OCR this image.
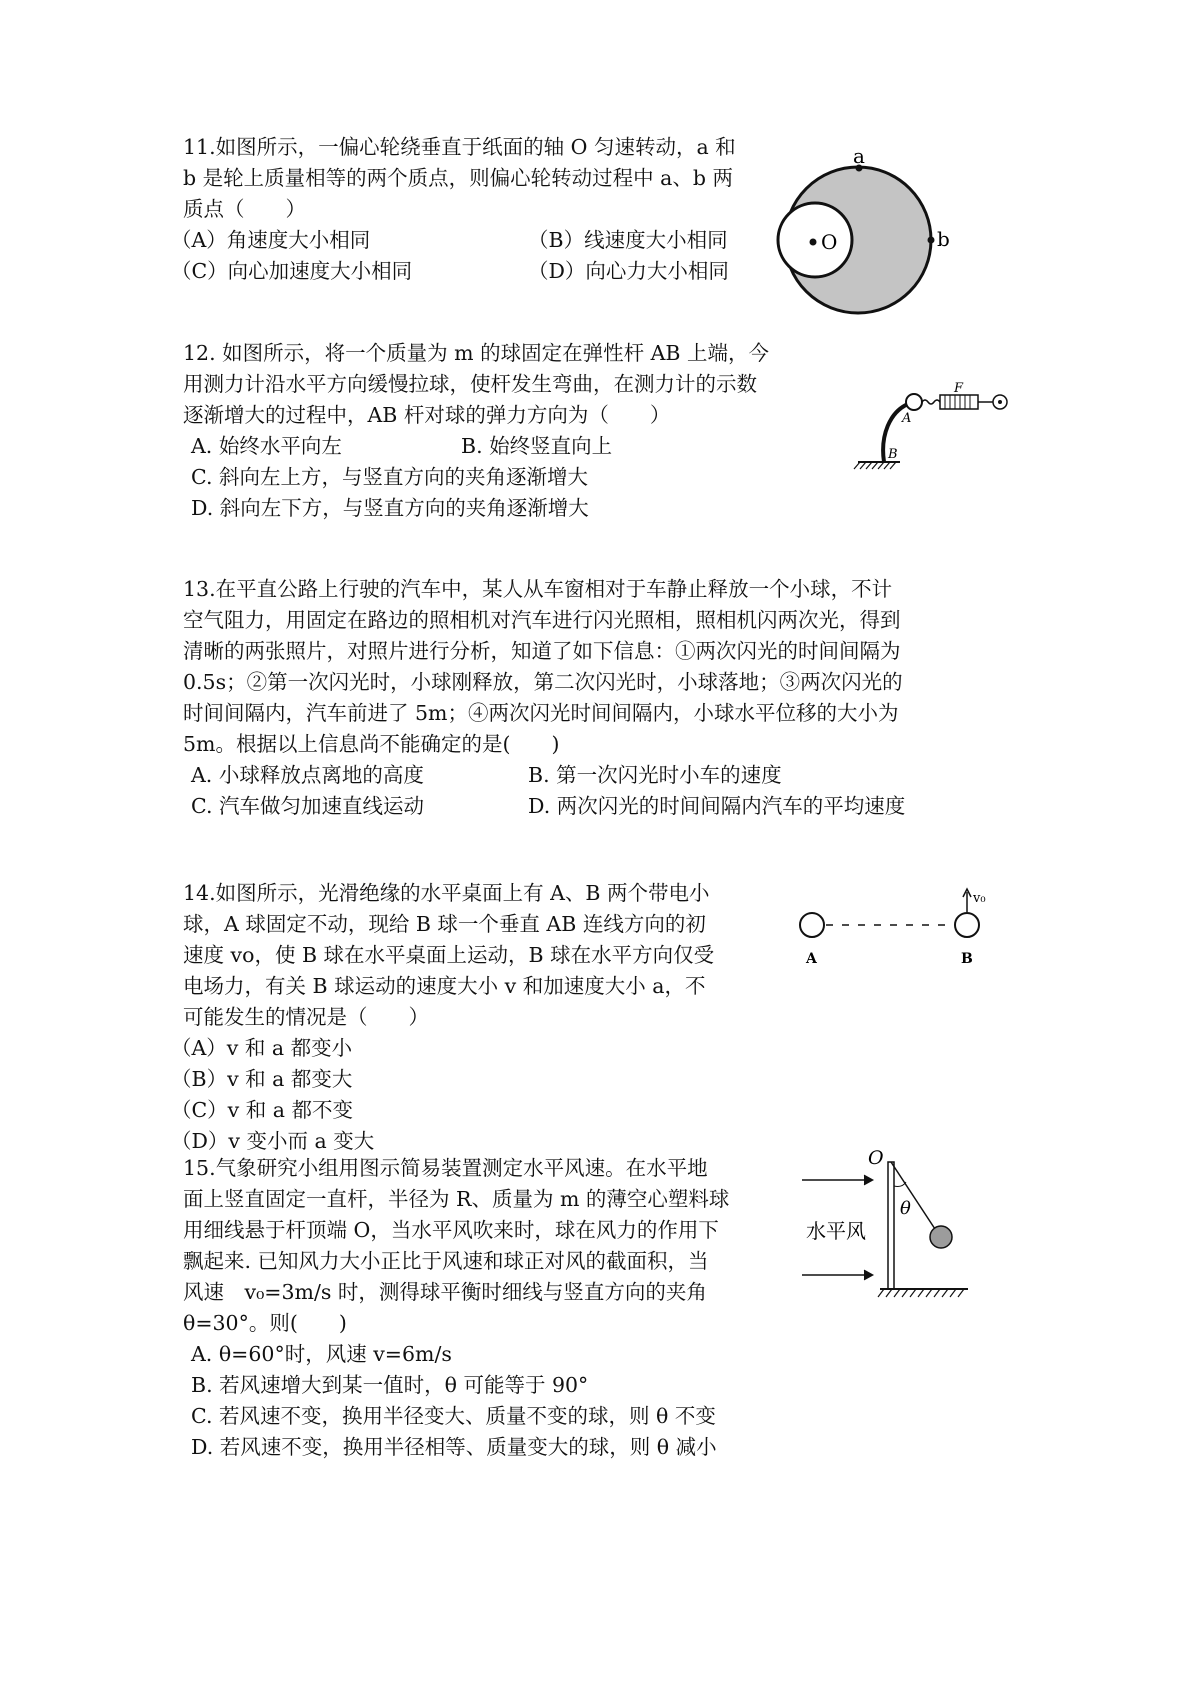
11.如图所示，一偏心轮绕垂直于纸面的轴 O 匀速转动，a 和
b 是轮上质量相等的两个质点，则偏心轮转动过程中 a、b 两
质点（　　）
（A）角速度大小相同	（B）线速度大小相同
（C）向心加速度大小相同	（D）向心力大小相同
O
a
b
12. 如图所示，将一个质量为 m 的球固定在弹性杆 AB 上端，今
用测力计沿水平方向缓慢拉球，使杆发生弯曲，在测力计的示数
逐渐增大的过程中，AB 杆对球的弹力方向为（　　）
A. 始终水平向左	B. 始终竖直向上
C. 斜向左上方，与竖直方向的夹角逐渐增大
D. 斜向左下方，与竖直方向的夹角逐渐增大
F
A
B
13.在平直公路上行驶的汽车中，某人从车窗相对于车静止释放一个小球，不计
空气阻力，用固定在路边的照相机对汽车进行闪光照相，照相机闪两次光，得到
清晰的两张照片，对照片进行分析，知道了如下信息：①两次闪光的时间间隔为
0.5s；②第一次闪光时，小球刚释放，第二次闪光时，小球落地；③两次闪光的
时间间隔内，汽车前进了 5m；④两次闪光时间间隔内，小球水平位移的大小为
5m。根据以上信息尚不能确定的是(　　)
A. 小球释放点离地的高度	B. 第一次闪光时小车的速度
C. 汽车做匀加速直线运动	D. 两次闪光的时间间隔内汽车的平均速度
14.如图所示，光滑绝缘的水平桌面上有 A、B 两个带电小
球，A 球固定不动，现给 B 球一个垂直 AB 连线方向的初
速度 vo，使 B 球在水平桌面上运动，B 球在水平方向仅受
电场力，有关 B 球运动的速度大小 v 和加速度大小 a，不
可能发生的情况是（　　）
（A）v 和 a 都变小
（B）v 和 a 都变大
（C）v 和 a 都不变
（D）v 变小而 a 变大
v₀
A	B
15.气象研究小组用图示简易装置测定水平风速。在水平地
面上竖直固定一直杆，半径为 R、质量为 m 的薄空心塑料球
用细线悬于杆顶端 O，当水平风吹来时，球在风力的作用下
飘起来. 已知风力大小正比于风速和球正对风的截面积，当
风速　v₀=3m/s 时，测得球平衡时细线与竖直方向的夹角
θ=30°。则(　　)
A. θ=60°时，风速 v=6m/s
B. 若风速增大到某一值时，θ 可能等于 90°
C. 若风速不变，换用半径变大、质量不变的球，则 θ 不变
D. 若风速不变，换用半径相等、质量变大的球，则 θ 减小
θ
O
水平风
